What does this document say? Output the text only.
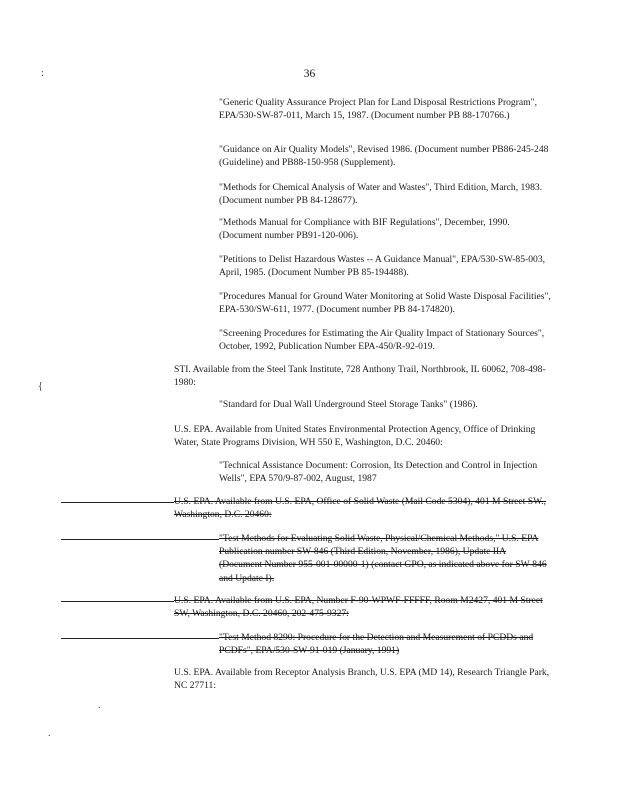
36
:
{
.
.

"Generic Quality Assurance Project Plan for Land Disposal Restrictions Program", EPA/530-SW-87-011, March 15, 1987. (Document number PB 88-170766.)

"Guidance on Air Quality Models", Revised 1986. (Document number PB86-245-248 (Guideline) and PB88-150-958 (Supplement).

"Methods for Chemical Analysis of Water and Wastes", Third Edition, March, 1983. (Document number PB 84-128677).

"Methods Manual for Compliance with BIF Regulations", December, 1990. (Document number PB91-120-006).

"Petitions to Delist Hazardous Wastes -- A Guidance Manual", EPA/530-SW-85-003, April, 1985. (Document Number PB 85-194488).

"Procedures Manual for Ground Water Monitoring at Solid Waste Disposal Facilities", EPA-530/SW-611, 1977. (Document number PB 84-174820).

"Screening Procedures for Estimating the Air Quality Impact of Stationary Sources", October, 1992, Publication Number EPA-450/R-92-019.

STI. Available from the Steel Tank Institute, 728 Anthony Trail, Northbrook, IL 60062, 708-498-1980:

"Standard for Dual Wall Underground Steel Storage Tanks" (1986).

U.S. EPA. Available from United States Environmental Protection Agency, Office of Drinking Water, State Programs Division, WH 550 E, Washington, D.C. 20460:

"Technical Assistance Document: Corrosion, Its Detection and Control in Injection Wells", EPA 570/9-87-002, August, 1987

U.S. EPA. Available from U.S. EPA, Office of Solid Waste (Mail Code 5304), 401 M Street SW., Washington, D.C. 20460:

"Test Methods for Evaluating Solid Waste, Physical/Chemical Methods," U.S. EPA Publication number SW-846 (Third Edition, November, 1986), Update IIA (Document Number 955-001-00000-1) (contact GPO, as indicated above for SW-846 and Update I).

U.S. EPA. Available from U.S. EPA, Number F-90-WPWF-FFFFF, Room M2427, 401 M Street SW, Washington, D.C. 20460, 202-475-9327:

"Test Method 8290: Procedure for the Detection and Measurement of PCDDs and PCDFs", EPA/530-SW-91-019 (January, 1991)

U.S. EPA. Available from Receptor Analysis Branch, U.S. EPA (MD 14), Research Triangle Park, NC 27711:
